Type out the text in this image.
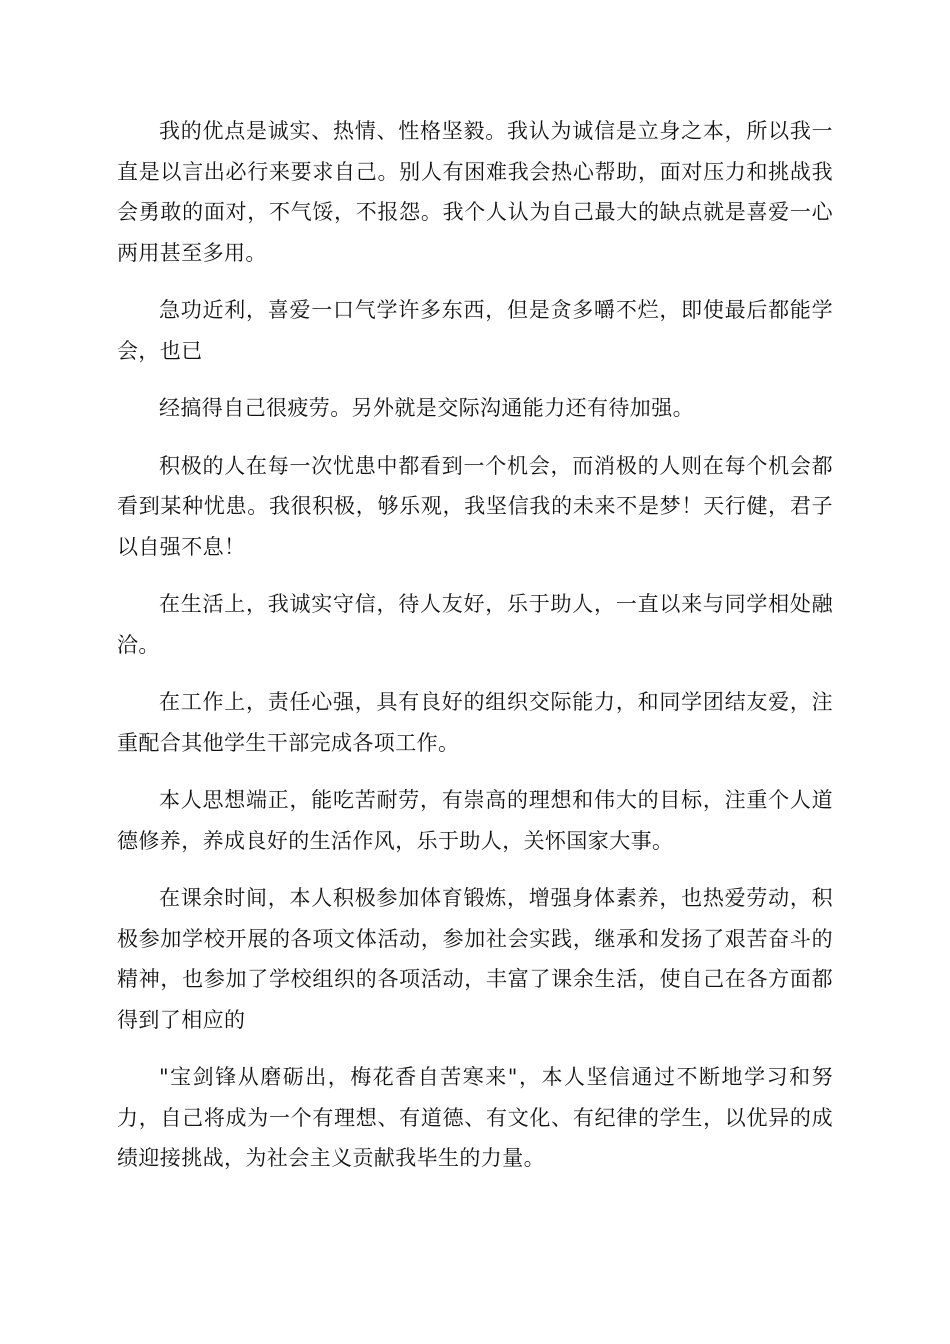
我的优点是诚实、热情、性格坚毅。我认为诚信是立身之本，所以我一直是以言出必行来要求自己。别人有困难我会热心帮助，面对压力和挑战我会勇敢的面对，不气馁，不报怨。我个人认为自己最大的缺点就是喜爱一心两用甚至多用。

急功近利，喜爱一口气学许多东西，但是贪多嚼不烂，即使最后都能学会，也已

经搞得自己很疲劳。另外就是交际沟通能力还有待加强。

积极的人在每一次忧患中都看到一个机会，而消极的人则在每个机会都看到某种忧患。我很积极，够乐观，我坚信我的未来不是梦！天行健，君子以自强不息！

在生活上，我诚实守信，待人友好，乐于助人，一直以来与同学相处融洽。

在工作上，责任心强，具有良好的组织交际能力，和同学团结友爱，注重配合其他学生干部完成各项工作。

本人思想端正，能吃苦耐劳，有崇高的理想和伟大的目标，注重个人道德修养，养成良好的生活作风，乐于助人，关怀国家大事。

在课余时间，本人积极参加体育锻炼，增强身体素养，也热爱劳动，积极参加学校开展的各项文体活动，参加社会实践，继承和发扬了艰苦奋斗的精神，也参加了学校组织的各项活动，丰富了课余生活，使自己在各方面都得到了相应的

"宝剑锋从磨砺出，梅花香自苦寒来"，本人坚信通过不断地学习和努力，自己将成为一个有理想、有道德、有文化、有纪律的学生，以优异的成绩迎接挑战，为社会主义贡献我毕生的力量。
